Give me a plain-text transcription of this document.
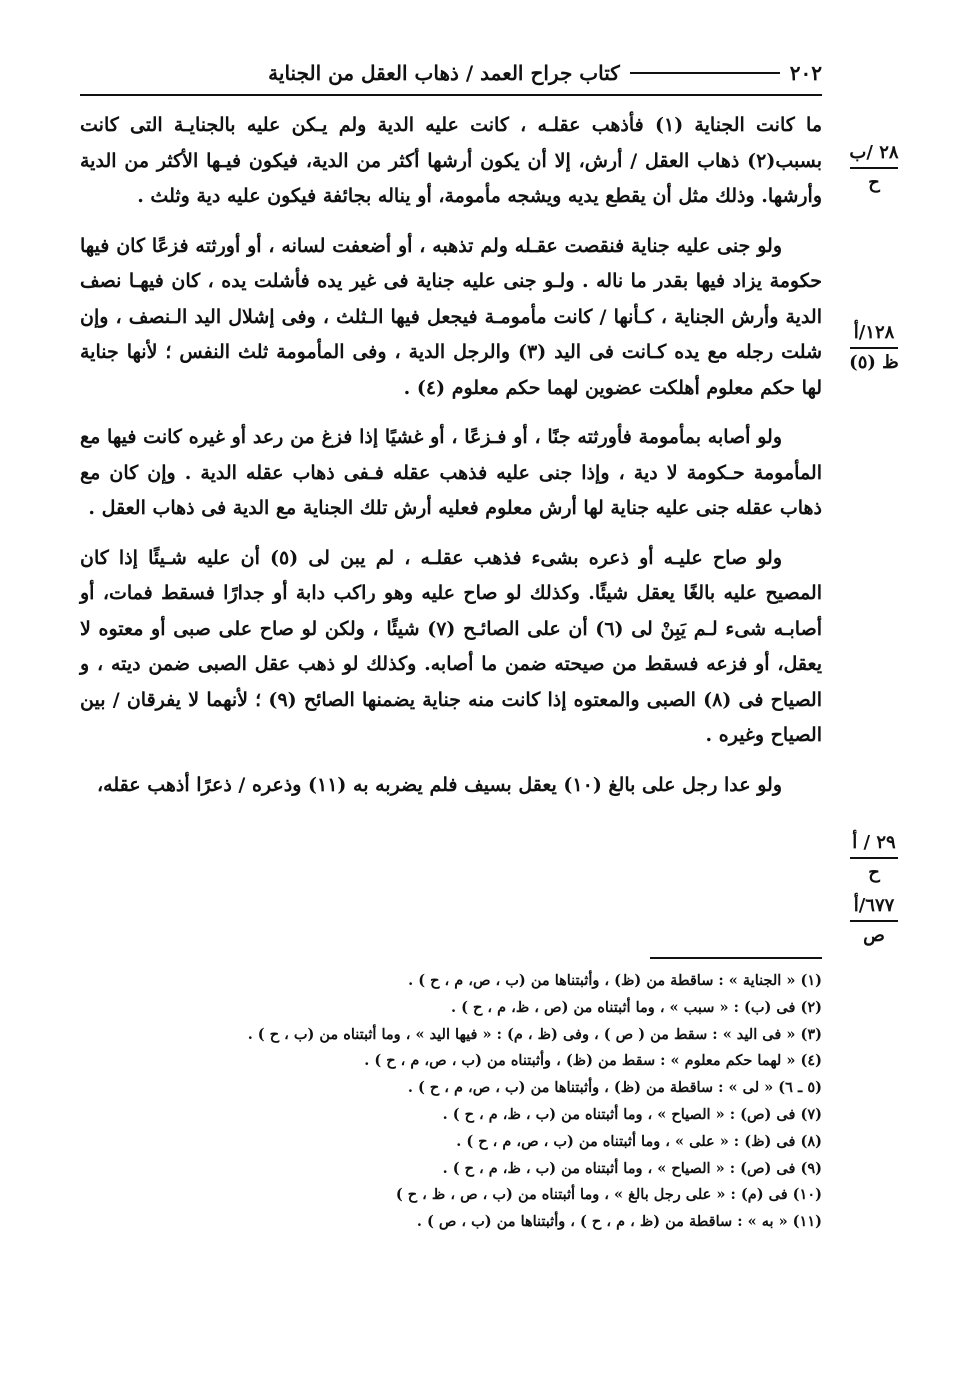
٢٠٢
كتاب جراح العمد / ذهاب العقل من الجناية
٢٨ /ب
ح
١٢٨/أ
ظ (٥)
٢٩ / أ
ح
٦٧٧/أ
ص

ما كانت الجناية (١) فأذهب عقلـه ، كانت عليه الدية ولم يـكن عليه بالجنايـة التى كانت بسبب(٢) ذهاب العقل / أرش، إلا أن يكون أرشها أكثر من الدية، فيكون فيـها الأكثر من الدية وأرشها. وذلك مثل أن يقطع يديه ويشجه مأمومة، أو يناله بجائفة فيكون عليه دية وثلث .

ولو جنى عليه جناية فنقصت عقـله ولم تذهبه ، أو أضعفت لسانه ، أو أورثته فزعًا كان فيها حكومة يزاد فيها بقدر ما ناله . ولـو جنى عليه جناية فى غير يده فأشلت يده ، كان فيهـا نصف الدية وأرش الجناية ، كـأنها / كانت مأمومـة فيجعل فيها الـثلث ، وفى إشلال اليد الـنصف ، وإن شلت رجله مع يده كـانت فى اليد (٣) والرجل الدية ، وفى المأمومة ثلث النفس ؛ لأنها جناية لها حكم معلوم أهلكت عضوين لهما حكم معلوم (٤) .

ولو أصابه بمأمومة فأورثته جنًا ، أو فـزعًا ، أو غشيًا إذا فزغ من رعد أو غيره كانت فيها مع المأمومة حـكومة لا دية ، وإذا جنى عليه فذهب عقله فـفى ذهاب عقله الدية . وإن كان مع ذهاب عقله جنى عليه جناية لها أرش معلوم فعليه أرش تلك الجناية مع الدية فى ذهاب العقل .

ولو صاح عليـه أو ذعره بشىء فذهب عقلـه ، لم يبن لى (٥) أن عليه شـيئًا إذا كان المصيح عليه بالغًا يعقل شيئًا. وكذلك لو صاح عليه وهو راكب دابة أو جدارًا فسقط فمات، أو أصابـه شىء لـم يَبِنْ لى (٦) أن على الصائـح (٧) شيئًا ، ولكن لو صاح على صبى أو معتوه لا يعقل، أو فزعه فسقط من صيحته ضمن ما أصابه. وكذلك لو ذهب عقل الصبى ضمن ديته ، و الصياح فى (٨) الصبى والمعتوه إذا كانت منه جناية يضمنها الصائح (٩) ؛ لأنهما لا يفرقان / بين الصياح وغيره .

ولو عدا رجل على بالغ (١٠) يعقل بسيف فلم يضربه به (١١) وذعره / ذعرًا أذهب عقله،

(١) « الجناية » : ساقطة من (ظ) ، وأثبتناها من (ب ، ص، م ، ح ) .
(٢) فى (ب) : « سبب » ، وما أثبتناه من (ص ، ظ، م ، ح ) .
(٣) « فى اليد » : سقط من ( ص ) ، وفى (ظ ، م) : « فيها اليد » ، وما أثبتناه من (ب ، ح ) .
(٤) « لهما حكم معلوم » : سقط من (ظ) ، وأثبتناه من (ب ، ص، م ، ح ) .
(٥ ـ ٦) « لى » : ساقطة من (ظ) ، وأثبتناها من (ب ، ص، م ، ح ) .
(٧) فى (ص) : « الصياح » ، وما أثبتناه من (ب ، ظ، م ، ح ) .
(٨) فى (ظ) : « على » ، وما أثبتناه من (ب ، ص، م ، ح ) .
(٩) فى (ص) : « الصياح » ، وما أثبتناه من (ب ، ظ، م ، ح ) .
(١٠) فى (م) : « على رجل بالغ » ، وما أثبتناه من (ب ، ص ، ظ ، ح )
(١١) « به » : ساقطة من (ظ ، م ، ح ) ، وأثبتناها من (ب ، ص ) .
